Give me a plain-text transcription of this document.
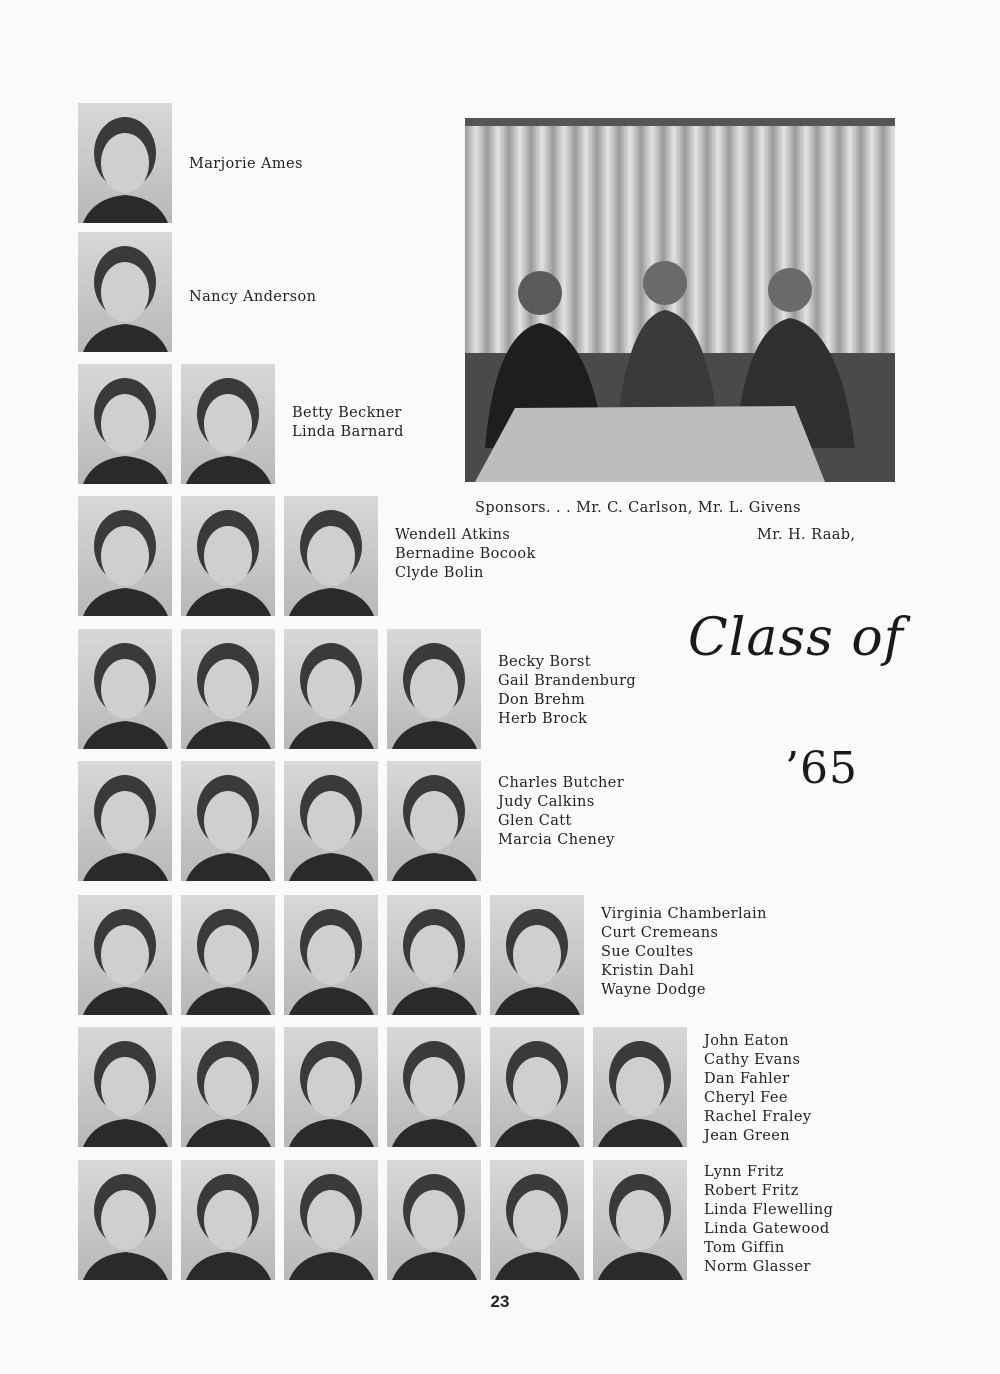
Marjorie Ames
Nancy Anderson
Betty Beckner
Linda Barnard
Wendell Atkins
Bernadine Bocook
Clyde Bolin
Becky Borst
Gail Brandenburg
Don Brehm
Herb Brock
Charles Butcher
Judy Calkins
Glen Catt
Marcia Cheney
Virginia Chamberlain
Curt Cremeans
Sue Coultes
Kristin Dahl
Wayne Dodge
John Eaton
Cathy Evans
Dan Fahler
Cheryl Fee
Rachel Fraley
Jean Green
Lynn Fritz
Robert Fritz
Linda Flewelling
Linda Gatewood
Tom Giffin
Norm Glasser
Sponsors. . . Mr. C. Carlson, Mr. L. Givens
Mr. H. Raab,
Class of
’65
23
